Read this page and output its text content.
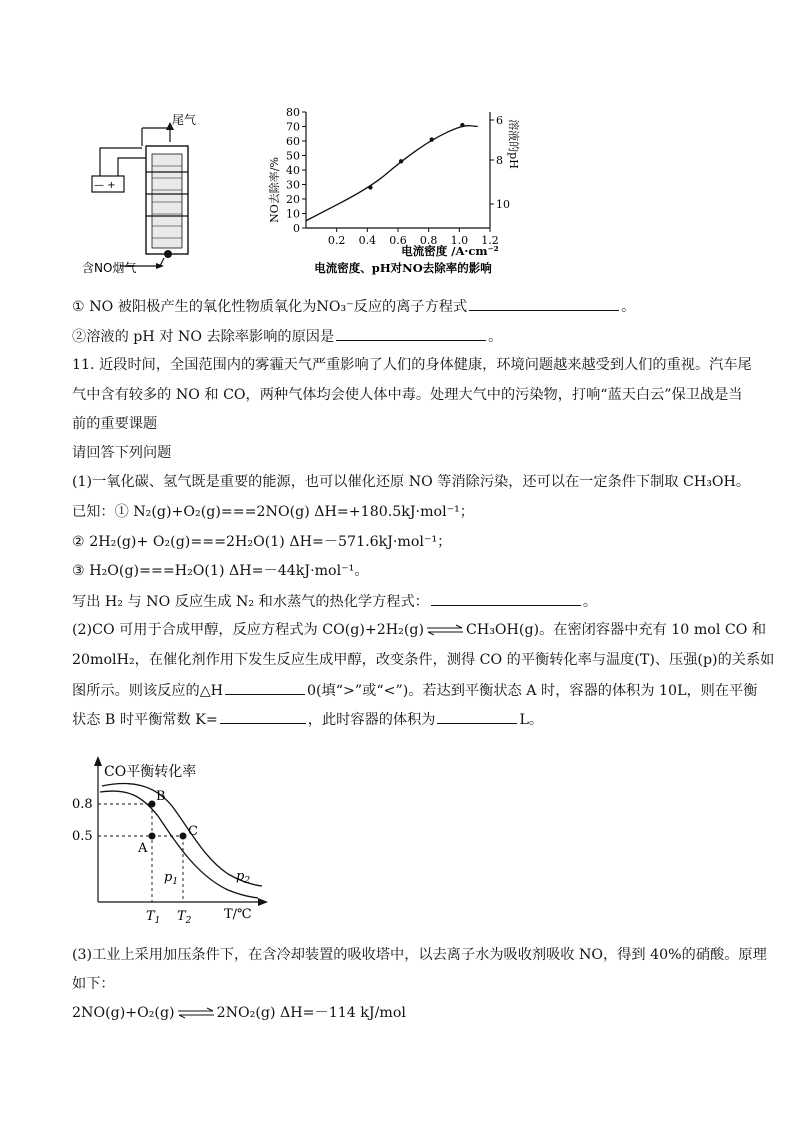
尾气
— +
含NO烟气
NO去除率/%
溶液的pH
0
10
20
30
40
50
60
70
80
6
8
10
0.2 0.4 0.6 0.8 1.0 1.2
电流密度 /A·cm⁻²
电流密度、pH对NO去除率的影响
① NO 被阳极产生的氧化性物质氧化为NO₃⁻反应的离子方程式	。
②溶液的 pH 对 NO 去除率影响的原因是	。
11. 近段时间，全国范围内的雾霾天气严重影响了人们的身体健康，环境问题越来越受到人们的重视。汽车尾
气中含有较多的 NO 和 CO，两种气体均会使人体中毒。处理大气中的污染物，打响“蓝天白云”保卫战是当
前的重要课题
请回答下列问题
(1)一氧化碳、氢气既是重要的能源，也可以催化还原 NO 等消除污染，还可以在一定条件下制取 CH₃OH。
已知：① N₂(g)+O₂(g)===2NO(g) ΔH=+180.5kJ·mol⁻¹；
② 2H₂(g)+ O₂(g)===2H₂O(1) ΔH=－571.6kJ·mol⁻¹；
③ H₂O(g)===H₂O(1) ΔH=－44kJ·mol⁻¹。
写出 H₂ 与 NO 反应生成 N₂ 和水蒸气的热化学方程式：	。
(2)CO 可用于合成甲醇，反应方程式为 CO(g)+2H₂(g) ⇌ CH₃OH(g)。在密闭容器中充有 10 mol CO 和
20molH₂，在催化剂作用下发生反应生成甲醇，改变条件，测得 CO 的平衡转化率与温度(T)、压强(p)的关系如
图所示。则该反应的△H	0(填“>”或“<”)。若达到平衡状态 A 时，容器的体积为 10L，则在平衡
状态 B 时平衡常数 K=	，此时容器的体积为	L。
CO平衡转化率
0.8
0.5
B
A
C
$p_1$	$p_2$
$T_1$ $T_2$	T/℃
(3)工业上采用加压条件下，在含冷却装置的吸收塔中，以去离子水为吸收剂吸收 NO，得到 40%的硝酸。原理
如下：
2NO(g)+O₂(g) ⇌ 2NO₂(g) ΔH=－114 kJ/mol
